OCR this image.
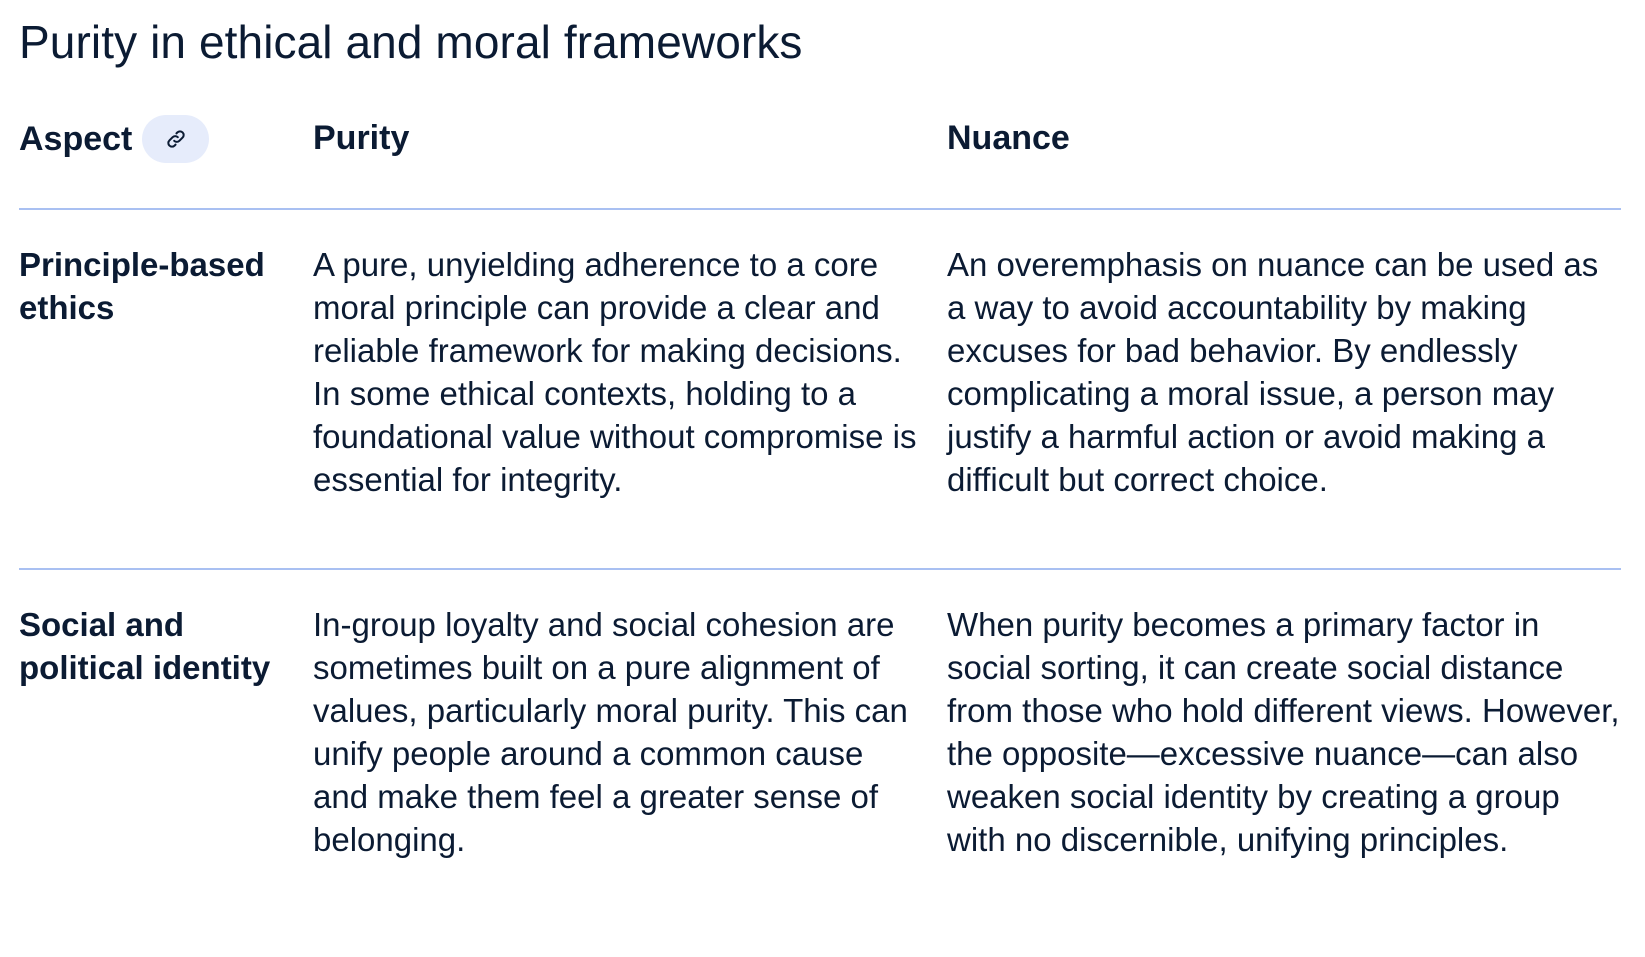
Purity in ethical and moral frameworks
Aspect	Purity	Nuance

Principle-based ethics

A pure, unyielding adherence to a core moral principle can provide a clear and reliable framework for making decisions. In some ethical contexts, holding to a foundational value without compromise is essential for integrity.

An overemphasis on nuance can be used as a way to avoid accountability by making excuses for bad behavior. By endlessly complicating a moral issue, a person may justify a harmful action or avoid making a difficult but correct choice.

Social and political identity

In-group loyalty and social cohesion are sometimes built on a pure alignment of values, particularly moral purity. This can unify people around a common cause and make them feel a greater sense of belonging.

When purity becomes a primary factor in social sorting, it can create social distance from those who hold different views. However, the opposite—excessive nuance—can also weaken social identity by creating a group with no discernible, unifying principles.
